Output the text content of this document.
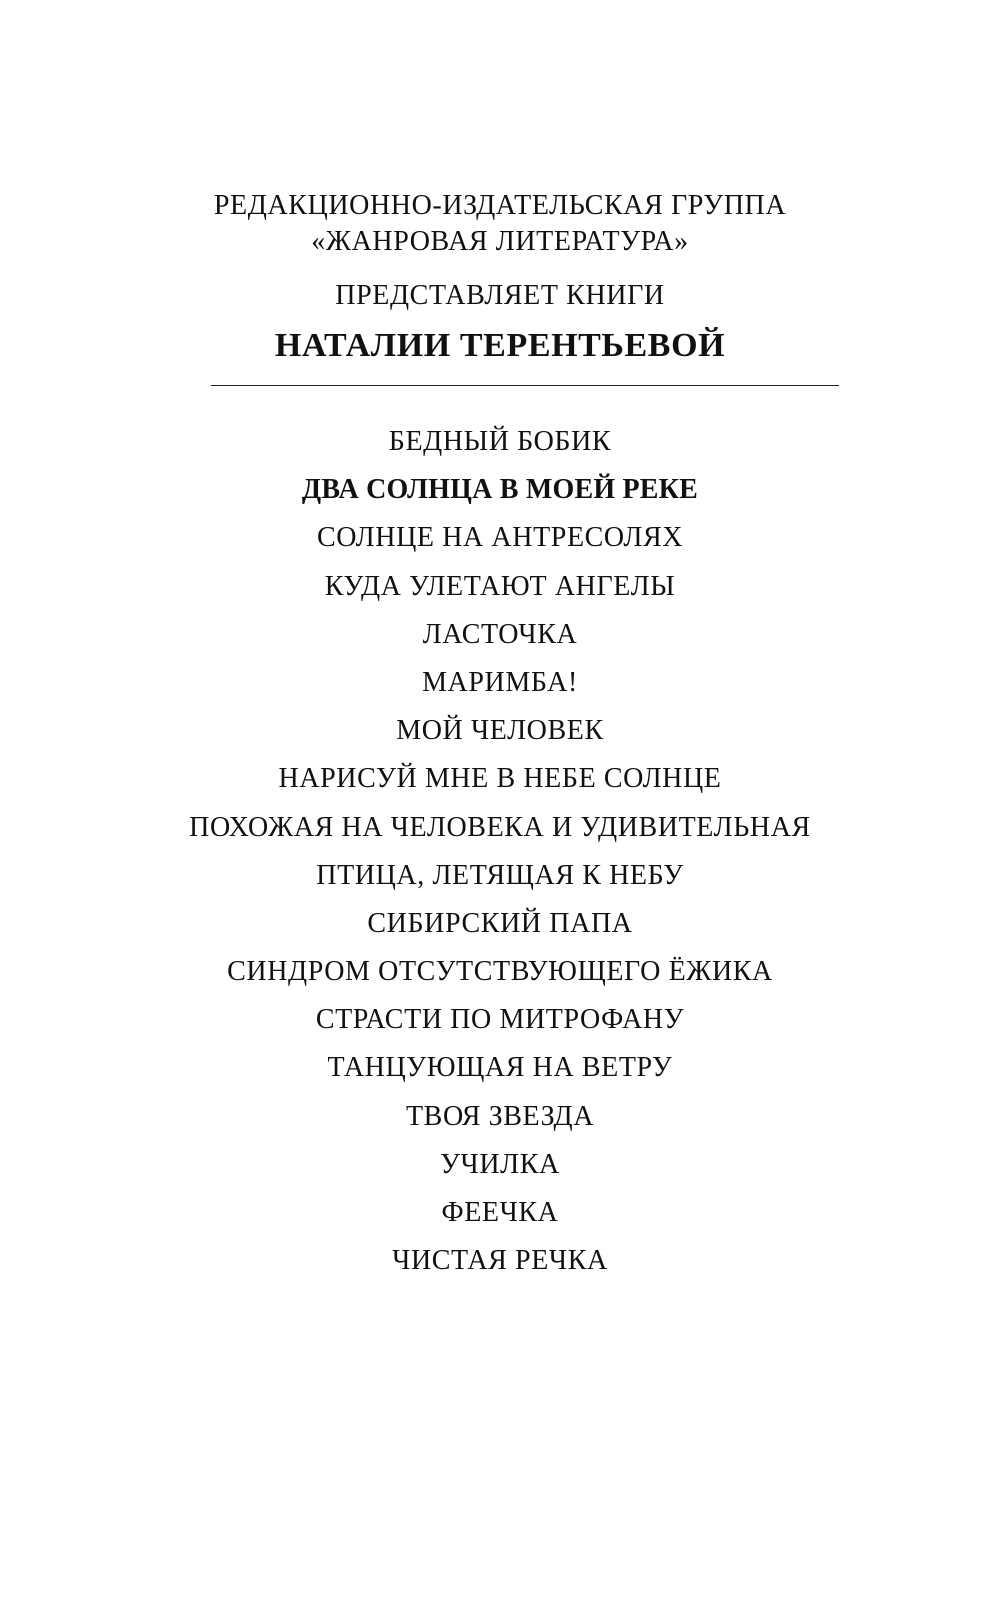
РЕДАКЦИОННО-ИЗДАТЕЛЬСКАЯ ГРУППА
«ЖАНРОВАЯ ЛИТЕРАТУРА»
ПРЕДСТАВЛЯЕТ КНИГИ
НАТАЛИИ ТЕРЕНТЬЕВОЙ
БЕДНЫЙ БОБИК
ДВА СОЛНЦА В МОЕЙ РЕКЕ
СОЛНЦЕ НА АНТРЕСОЛЯХ
КУДА УЛЕТАЮТ АНГЕЛЫ
ЛАСТОЧКА
МАРИМБА!
МОЙ ЧЕЛОВЕК
НАРИСУЙ МНЕ В НЕБЕ СОЛНЦЕ
ПОХОЖАЯ НА ЧЕЛОВЕКА И УДИВИТЕЛЬНАЯ
ПТИЦА, ЛЕТЯЩАЯ К НЕБУ
СИБИРСКИЙ ПАПА
СИНДРОМ ОТСУТСТВУЮЩЕГО ЁЖИКА
СТРАСТИ ПО МИТРОФАНУ
ТАНЦУЮЩАЯ НА ВЕТРУ
ТВОЯ ЗВЕЗДА
УЧИЛКА
ФЕЕЧКА
ЧИСТАЯ РЕЧКА
